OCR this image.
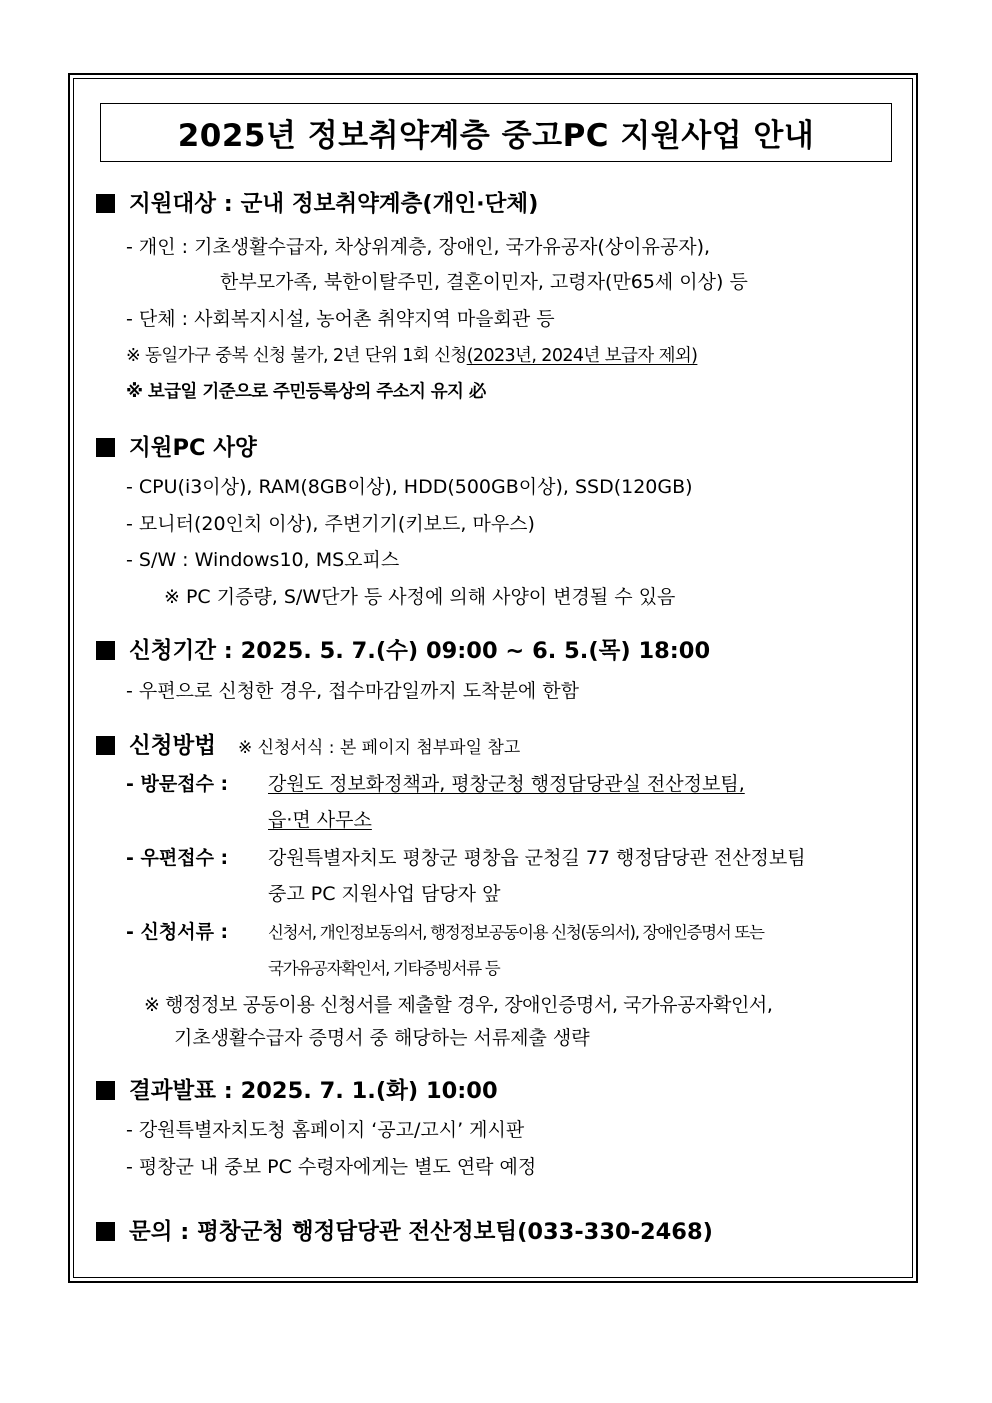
2025년 정보취약계층 중고PC 지원사업 안내
지원대상 : 군내 정보취약계층(개인·단체)
- 개인 : 기초생활수급자, 차상위계층, 장애인, 국가유공자(상이유공자),
한부모가족, 북한이탈주민, 결혼이민자, 고령자(만65세 이상) 등
- 단체 : 사회복지시설, 농어촌 취약지역 마을회관 등
※ 동일가구 중복 신청 불가, 2년 단위 1회 신청(2023년, 2024년 보급자 제외)
※ 보급일 기준으로 주민등록상의 주소지 유지 必
지원PC 사양
- CPU(i3이상), RAM(8GB이상), HDD(500GB이상), SSD(120GB)
- 모니터(20인치 이상), 주변기기(키보드, 마우스)
- S/W : Windows10, MS오피스
※ PC 기증량, S/W단가 등 사정에 의해 사양이 변경될 수 있음
신청기간 : 2025. 5. 7.(수) 09:00 ~ 6. 5.(목) 18:00
- 우편으로 신청한 경우, 접수마감일까지 도착분에 한함
신청방법 ※ 신청서식 : 본 페이지 첨부파일 참고
- 방문접수 : 강원도 정보화정책과, 평창군청 행정담당관실 전산정보팀,
읍·면 사무소
- 우편접수 : 강원특별자치도 평창군 평창읍 군청길 77 행정담당관 전산정보팀
중고 PC 지원사업 담당자 앞
- 신청서류 : 신청서, 개인정보동의서, 행정정보공동이용 신청(동의서), 장애인증명서 또는
국가유공자확인서, 기타증빙서류 등
※ 행정정보 공동이용 신청서를 제출할 경우, 장애인증명서, 국가유공자확인서,
기초생활수급자 증명서 중 해당하는 서류제출 생략
결과발표 : 2025. 7. 1.(화) 10:00
- 강원특별자치도청 홈페이지 ‘공고/고시’ 게시판
- 평창군 내 중보 PC 수령자에게는 별도 연락 예정
문의 : 평창군청 행정담당관 전산정보팀(033-330-2468)
